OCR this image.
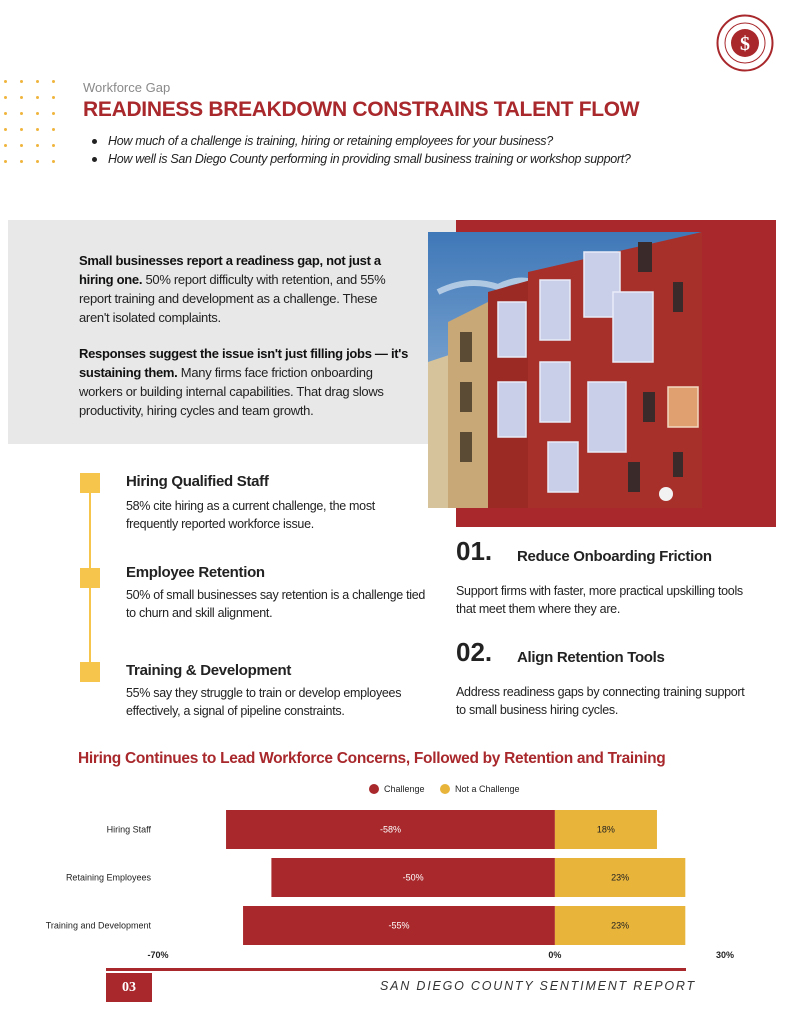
$
Workforce Gap
READINESS BREAKDOWN CONSTRAINS TALENT FLOW
How much of a challenge is training, hiring or retaining employees for your business?
How well is San Diego County performing in providing small business training or workshop support?
Small businesses report a readiness gap, not just a hiring one. 50% report difficulty with retention, and 55% report training and development as a challenge. These aren't isolated complaints.
Responses suggest the issue isn't just filling jobs — it's sustaining them. Many firms face friction onboarding workers or building internal capabilities. That drag slows productivity, hiring cycles and team growth.
Hiring Qualified Staff
58% cite hiring as a current challenge, the most frequently reported workforce issue.
Employee Retention
50% of small businesses say retention is a challenge tied to churn and skill alignment.
Training & Development
55% say they struggle to train or develop employees effectively, a signal of pipeline constraints.
01. Reduce Onboarding Friction
Support firms with faster, more practical upskilling tools that meet them where they are.
02. Align Retention Tools
Address readiness gaps by connecting training support to small business hiring cycles.
Hiring Continues to Lead Workforce Concerns, Followed by Retention and Training
Challenge	Not a Challenge
Hiring Staff	-58%	18%
Retaining Employees	-50%	23%
Training and Development	-55%	23%
-70%	0%	30%
03	SAN DIEGO COUNTY SENTIMENT REPORT
